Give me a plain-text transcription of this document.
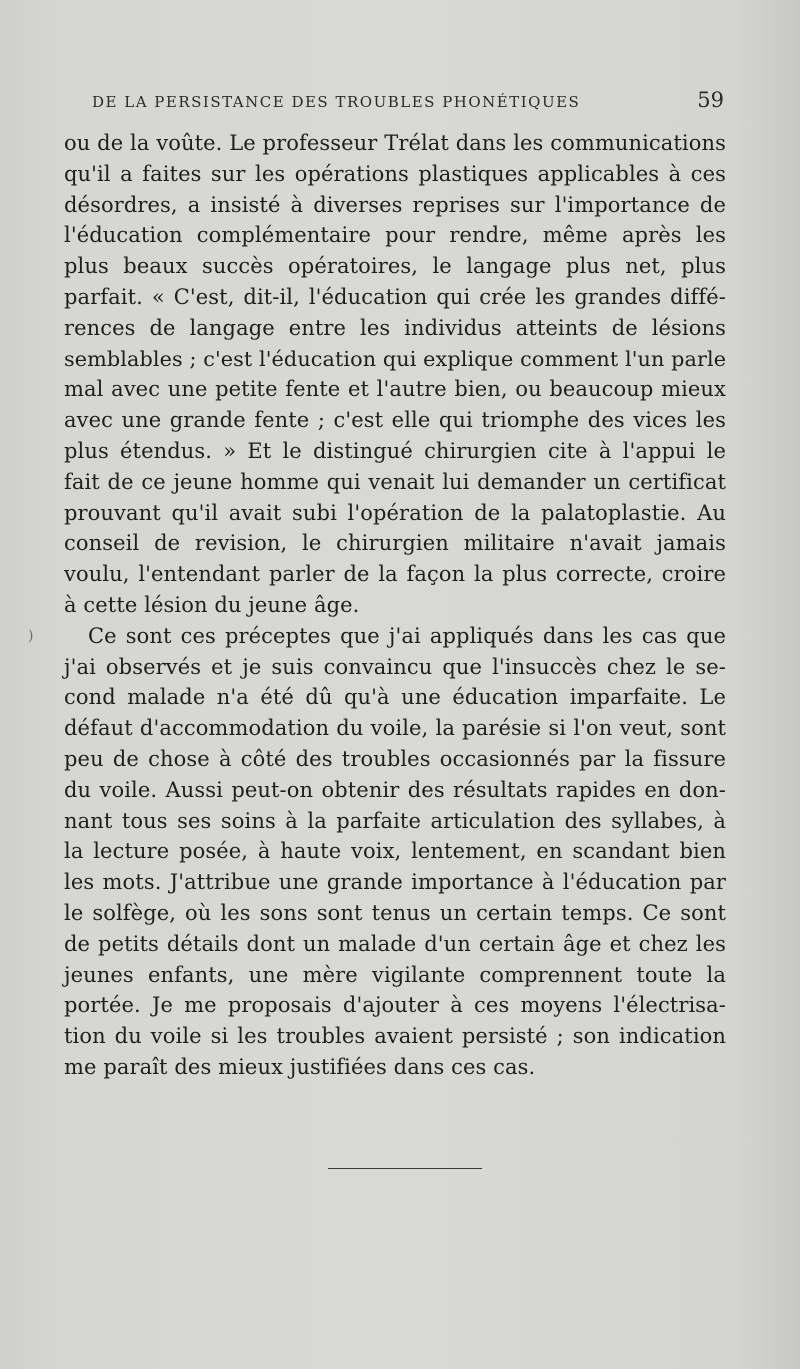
DE LA PERSISTANCE DES TROUBLES PHONÉTIQUES	59
ou de la voûte. Le professeur Trélat dans les communications
qu'il a faites sur les opérations plastiques applicables à ces
désordres, a insisté à diverses reprises sur l'importance de
l'éducation complémentaire pour rendre, même après les
plus beaux succès opératoires, le langage plus net, plus
parfait. « C'est, dit-il, l'éducation qui crée les grandes diffé-
rences de langage entre les individus atteints de lésions
semblables ; c'est l'éducation qui explique comment l'un parle
mal avec une petite fente et l'autre bien, ou beaucoup mieux
avec une grande fente ; c'est elle qui triomphe des vices les
plus étendus. » Et le distingué chirurgien cite à l'appui le
fait de ce jeune homme qui venait lui demander un certificat
prouvant qu'il avait subi l'opération de la palatoplastie. Au
conseil de revision, le chirurgien militaire n'avait jamais
voulu, l'entendant parler de la façon la plus correcte, croire
à cette lésion du jeune âge.
Ce sont ces préceptes que j'ai appliqués dans les cas que
j'ai observés et je suis convaincu que l'insuccès chez le se-
cond malade n'a été dû qu'à une éducation imparfaite. Le
défaut d'accommodation du voile, la parésie si l'on veut, sont
peu de chose à côté des troubles occasionnés par la fissure
du voile. Aussi peut-on obtenir des résultats rapides en don-
nant tous ses soins à la parfaite articulation des syllabes, à
la lecture posée, à haute voix, lentement, en scandant bien
les mots. J'attribue une grande importance à l'éducation par
le solfège, où les sons sont tenus un certain temps. Ce sont
de petits détails dont un malade d'un certain âge et chez les
jeunes enfants, une mère vigilante comprennent toute la
portée. Je me proposais d'ajouter à ces moyens l'électrisa-
tion du voile si les troubles avaient persisté ; son indication
me paraît des mieux justifiées dans ces cas.
)
